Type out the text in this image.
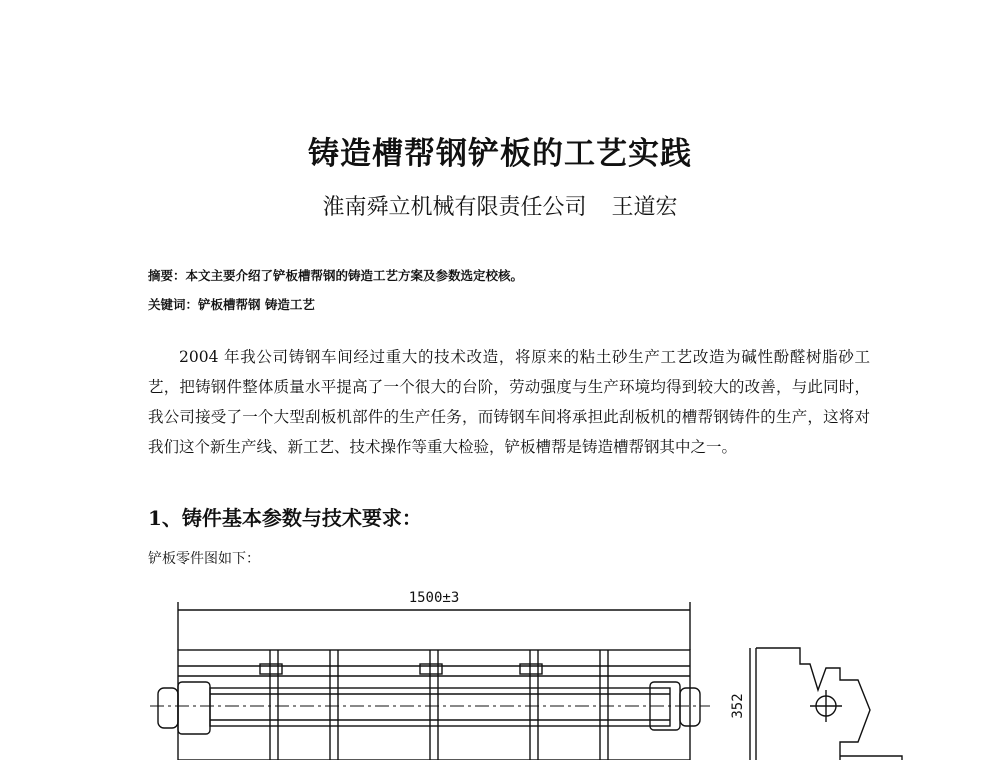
铸造槽帮钢铲板的工艺实践
淮南舜立机械有限责任公司 王道宏
摘要：本文主要介绍了铲板槽帮钢的铸造工艺方案及参数选定校核。
关键词：铲板槽帮钢 铸造工艺

2004 年我公司铸钢车间经过重大的技术改造，将原来的粘土砂生产工艺改造为碱性酚醛树脂砂工艺，把铸钢件整体质量水平提高了一个很大的台阶，劳动强度与生产环境均得到较大的改善，与此同时，我公司接受了一个大型刮板机部件的生产任务，而铸钢车间将承担此刮板机的槽帮钢铸件的生产，这将对我们这个新生产线、新工艺、技术操作等重大检验，铲板槽帮是铸造槽帮钢其中之一。

1、铸件基本参数与技术要求：
铲板零件图如下：
352
1500±3
